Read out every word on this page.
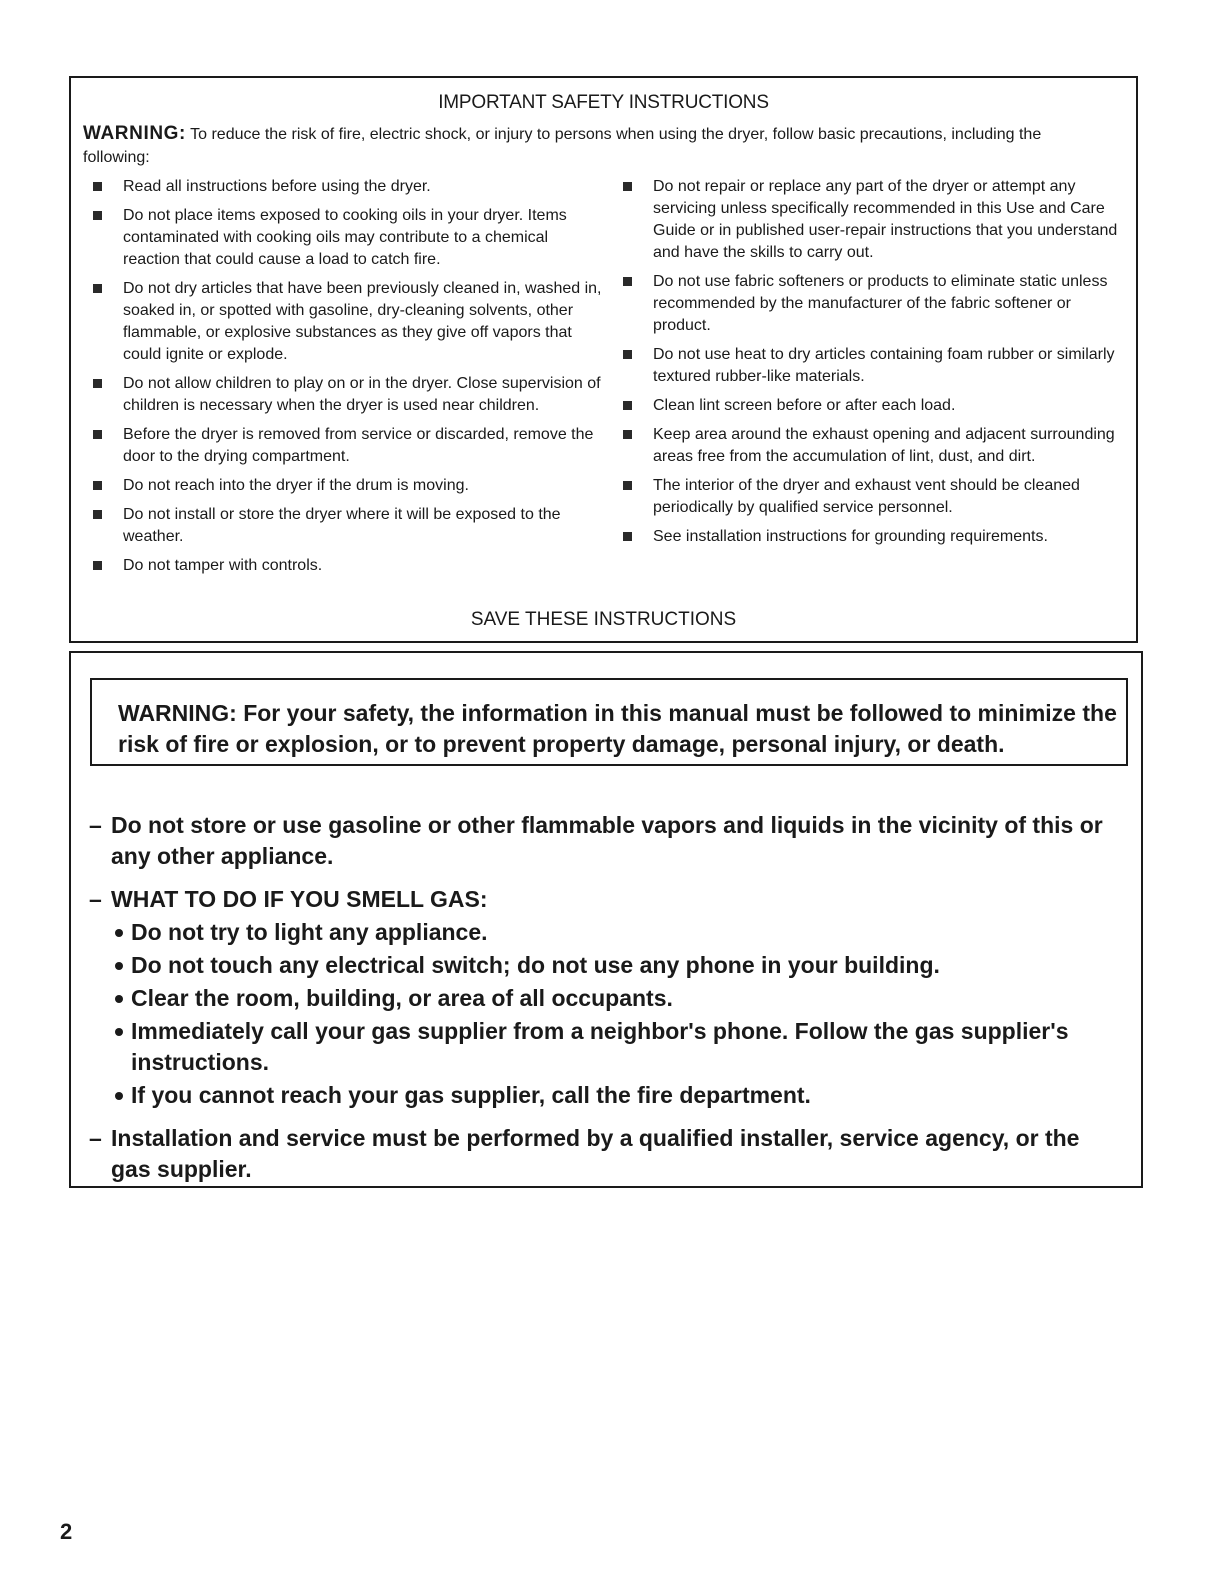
IMPORTANT SAFETY INSTRUCTIONS
WARNING: To reduce the risk of fire, electric shock, or injury to persons when using the dryer, follow basic precautions, including the following:
Read all instructions before using the dryer.
Do not place items exposed to cooking oils in your dryer. Items contaminated with cooking oils may contribute to a chemical reaction that could cause a load to catch fire.
Do not dry articles that have been previously cleaned in, washed in, soaked in, or spotted with gasoline, dry-cleaning solvents, other flammable, or explosive substances as they give off vapors that could ignite or explode.
Do not allow children to play on or in the dryer. Close supervision of children is necessary when the dryer is used near children.
Before the dryer is removed from service or discarded, remove the door to the drying compartment.
Do not reach into the dryer if the drum is moving.
Do not install or store the dryer where it will be exposed to the weather.
Do not tamper with controls.
Do not repair or replace any part of the dryer or attempt any servicing unless specifically recommended in this Use and Care Guide or in published user-repair instructions that you understand and have the skills to carry out.
Do not use fabric softeners or products to eliminate static unless recommended by the manufacturer of the fabric softener or product.
Do not use heat to dry articles containing foam rubber or similarly textured rubber-like materials.
Clean lint screen before or after each load.
Keep area around the exhaust opening and adjacent surrounding areas free from the accumulation of lint, dust, and dirt.
The interior of the dryer and exhaust vent should be cleaned periodically by qualified service personnel.
See installation instructions for grounding requirements.
SAVE THESE INSTRUCTIONS
WARNING: For your safety, the information in this manual must be followed to minimize the risk of fire or explosion, or to prevent property damage, personal injury, or death.
– Do not store or use gasoline or other flammable vapors and liquids in the vicinity of this or any other appliance.
– WHAT TO DO IF YOU SMELL GAS:
Do not try to light any appliance.
Do not touch any electrical switch; do not use any phone in your building.
Clear the room, building, or area of all occupants.
Immediately call your gas supplier from a neighbor's phone. Follow the gas supplier's instructions.
If you cannot reach your gas supplier, call the fire department.
– Installation and service must be performed by a qualified installer, service agency, or the gas supplier.
2
